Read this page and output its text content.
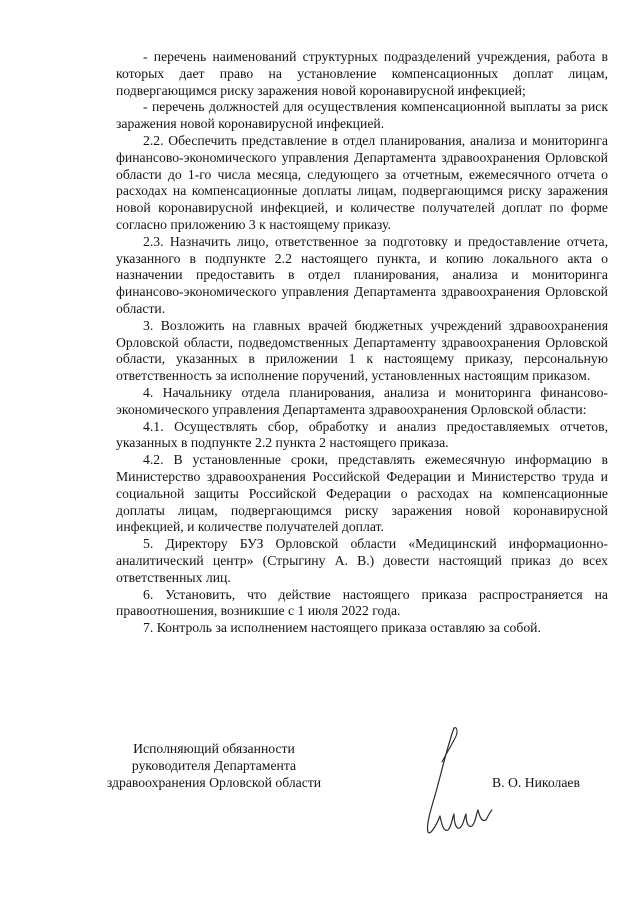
- перечень наименований структурных подразделений учреждения, работа в которых дает право на установление компенсационных доплат лицам, подвергающимся риску заражения новой коронавирусной инфекцией;

- перечень должностей для осуществления компенсационной выплаты за риск заражения новой коронавирусной инфекцией.

2.2. Обеспечить представление в отдел планирования, анализа и мониторинга финансово-экономического управления Департамента здравоохранения Орловской области до 1-го числа месяца, следующего за отчетным, ежемесячного отчета о расходах на компенсационные доплаты лицам, подвергающимся риску заражения новой коронавирусной инфекцией, и количестве получателей доплат по форме согласно приложению 3 к настоящему приказу.

2.3. Назначить лицо, ответственное за подготовку и предоставление отчета, указанного в подпункте 2.2 настоящего пункта, и копию локального акта о назначении предоставить в отдел планирования, анализа и мониторинга финансово-экономического управления Департамента здравоохранения Орловской области.

3. Возложить на главных врачей бюджетных учреждений здравоохранения Орловской области, подведомственных Департаменту здравоохранения Орловской области, указанных в приложении 1 к настоящему приказу, персональную ответственность за исполнение поручений, установленных настоящим приказом.

4. Начальнику отдела планирования, анализа и мониторинга финансово-экономического управления Департамента здравоохранения Орловской области:

4.1. Осуществлять сбор, обработку и анализ предоставляемых отчетов, указанных в подпункте 2.2 пункта 2 настоящего приказа.

4.2. В установленные сроки, представлять ежемесячную информацию в Министерство здравоохранения Российской Федерации и Министерство труда и социальной защиты Российской Федерации о расходах на компенсационные доплаты лицам, подвергающимся риску заражения новой коронавирусной инфекцией, и количестве получателей доплат.

5. Директору БУЗ Орловской области «Медицинский информационно-аналитический центр» (Стрыгину А. В.) довести настоящий приказ до всех ответственных лиц.

6. Установить, что действие настоящего приказа распространяется на правоотношения, возникшие с 1 июля 2022 года.

7. Контроль за исполнением настоящего приказа оставляю за собой.

Исполняющий обязанности
руководителя Департамента
здравоохранения Орловской области	В. О. Николаев
